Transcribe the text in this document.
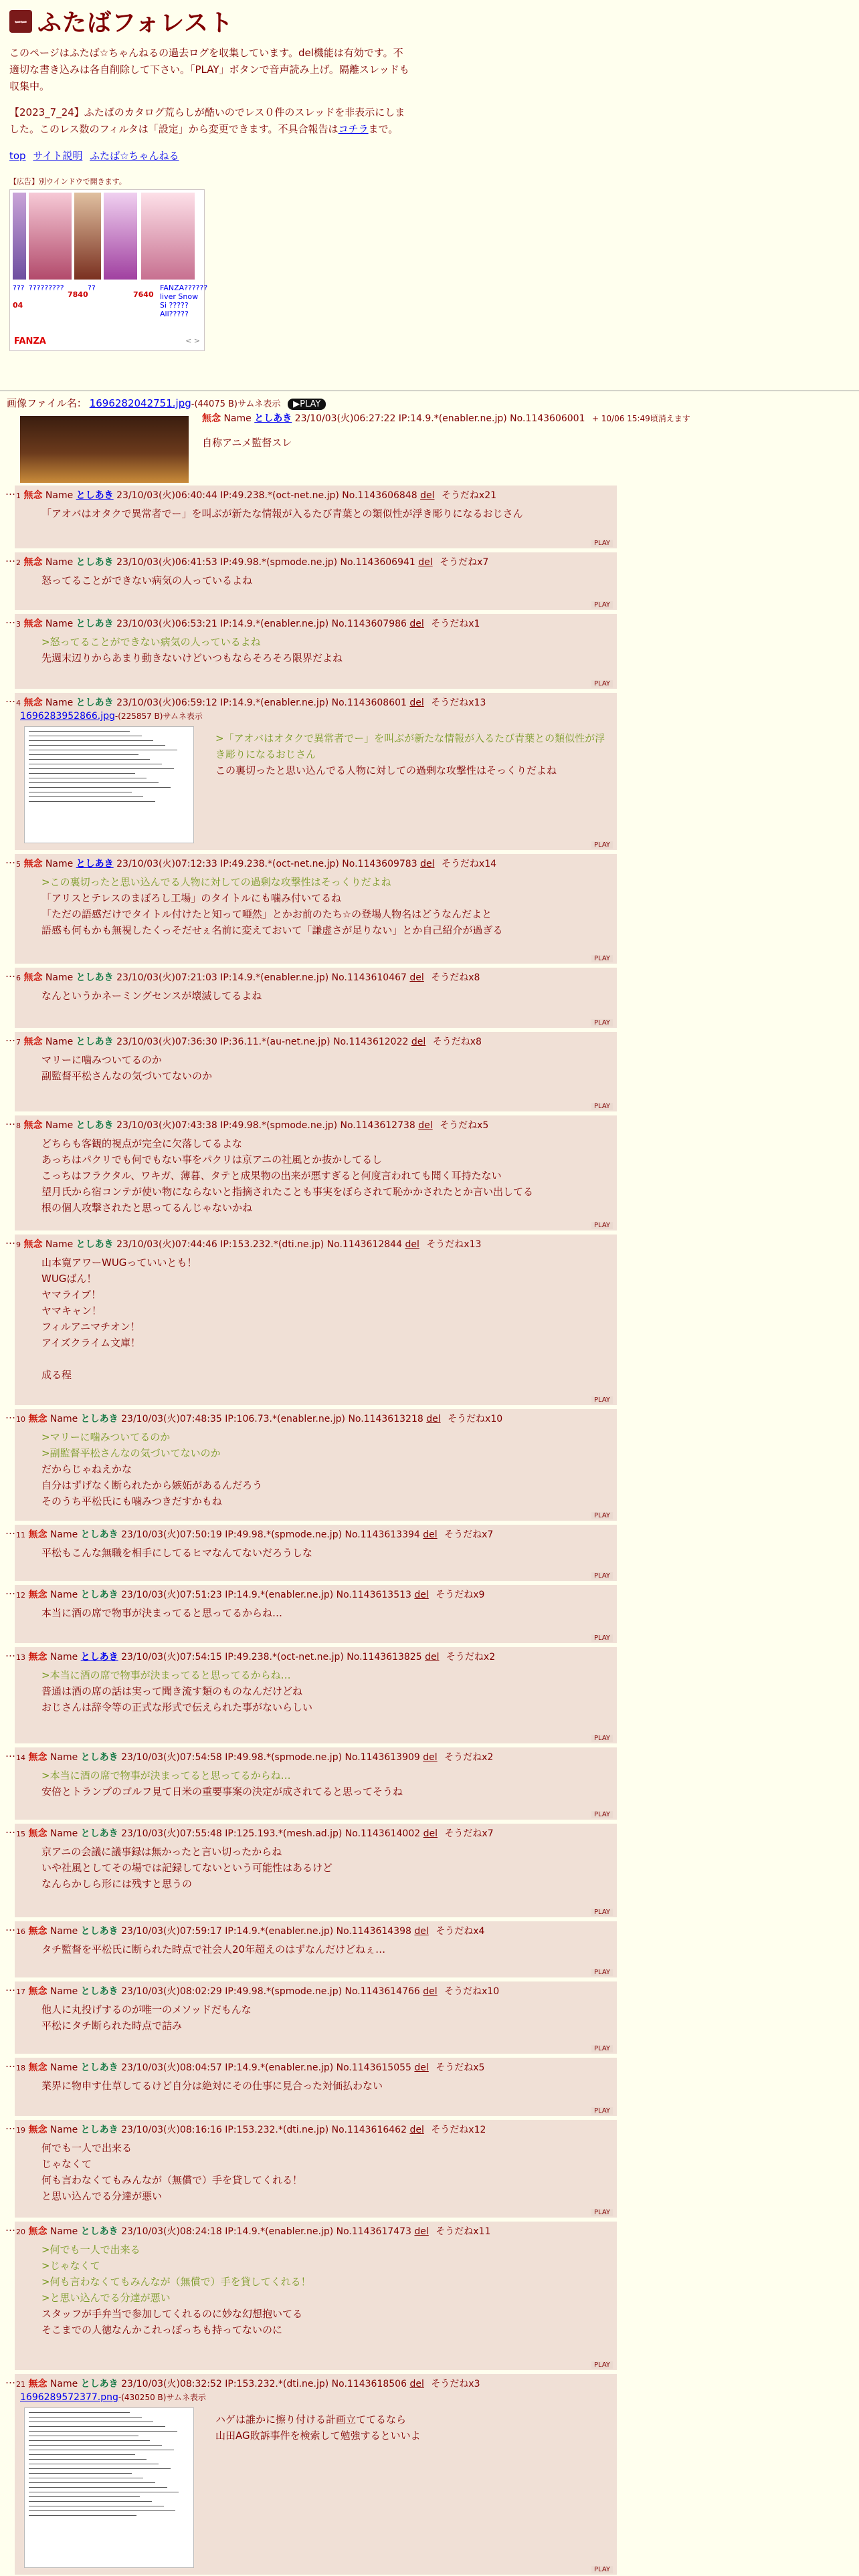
ｰｰ ふたばフォレスト
このページはふたば☆ちゃんねるの過去ログを収集しています。del機能は有効です。不適切な書き込みは各自削除して下さい。「PLAY」ボタンで音声読み上げ。隔離スレッドも収集中。
【2023_7_24】ふたばのカタログ荒らしが酷いのでレス０件のスレッドを非表示にしました。このレス数のフィルタは「設定」から変更できます。不具合報告はコチラまで。
top サイト説明 ふたば☆ちゃんねる
【広告】別ウインドウで開きます。
??? ?????????	??	FANZA?????? liver Snow Si ????? All?????
7840	7640
04
FANZA	< >
画像ファイル名： 1696282042751.jpg-(44075 B)サムネ表示 ▶PLAY
無念 Name としあき 23/10/03(火)06:27:22 IP:14.9.*(enabler.ne.jp) No.1143606001 + 10/06 15:49頃消えます
自称アニメ監督スレ
… 1 無念 Name としあき 23/10/03(火)06:40:44 IP:49.238.*(oct-net.ne.jp) No.1143606848 del そうだねx21
「アオバはオタクで異常者でー」を叫ぶが新たな情報が入るたび青葉との類似性が浮き彫りになるおじさん
PLAY
… 2 無念 Name としあき 23/10/03(火)06:41:53 IP:49.98.*(spmode.ne.jp) No.1143606941 del そうだねx7
怒ってることができない病気の人っているよね
PLAY
… 3 無念 Name としあき 23/10/03(火)06:53:21 IP:14.9.*(enabler.ne.jp) No.1143607986 del そうだねx1
>怒ってることができない病気の人っているよね
先週末辺りからあまり動きないけどいつもならそろそろ限界だよね
PLAY
… 4 無念 Name としあき 23/10/03(火)06:59:12 IP:14.9.*(enabler.ne.jp) No.1143608601 del そうだねx13
1696283952866.jpg-(225857 B)サムネ表示
>「アオバはオタクで異常者でー」を叫ぶが新たな情報が入るたび青葉との類似性が浮き彫りになるおじさん
この裏切ったと思い込んでる人物に対しての過剰な攻撃性はそっくりだよね
PLAY
… 5 無念 Name としあき 23/10/03(火)07:12:33 IP:49.238.*(oct-net.ne.jp) No.1143609783 del そうだねx14
>この裏切ったと思い込んでる人物に対しての過剰な攻撃性はそっくりだよね
「アリスとテレスのまぼろし工場」のタイトルにも噛み付いてるね
「ただの語感だけでタイトル付けたと知って唖然」とかお前のたち☆の登場人物名はどうなんだよと
語感も何もかも無視したくっそだせぇ名前に変えておいて「謙虚さが足りない」とか自己紹介が過ぎる
PLAY
… 6 無念 Name としあき 23/10/03(火)07:21:03 IP:14.9.*(enabler.ne.jp) No.1143610467 del そうだねx8
なんというかネーミングセンスが壊滅してるよね
PLAY
… 7 無念 Name としあき 23/10/03(火)07:36:30 IP:36.11.*(au-net.ne.jp) No.1143612022 del そうだねx8
マリーに噛みついてるのか
副監督平松さんなの気づいてないのか
PLAY
… 8 無念 Name としあき 23/10/03(火)07:43:38 IP:49.98.*(spmode.ne.jp) No.1143612738 del そうだねx5
どちらも客観的視点が完全に欠落してるよな
あっちはパクリでも何でもない事をパクリは京アニの社風とか抜かしてるし
こっちはフラクタル、ワキガ、薄暮、タテと成果物の出来が悪すぎると何度言われても聞く耳持たない
望月氏から宿コンテが使い物にならないと指摘されたことも事実をぼらされて恥かかされたとか言い出してる
根の個人攻撃されたと思ってるんじゃないかね
PLAY
… 9 無念 Name としあき 23/10/03(火)07:44:46 IP:153.232.*(dti.ne.jp) No.1143612844 del そうだねx13
山本寛アワーWUGっていいとも！
WUGばん！
ヤマライブ！
ヤマキャン！
フィルアニマチオン！
アイズクライム文庫！
成る程
PLAY
… 10 無念 Name としあき 23/10/03(火)07:48:35 IP:106.73.*(enabler.ne.jp) No.1143613218 del そうだねx10
>マリーに噛みついてるのか
>副監督平松さんなの気づいてないのか
だからじゃねえかな
自分はずげなく断られたから嫉妬があるんだろう
そのうち平松氏にも噛みつきだすかもね
PLAY
… 11 無念 Name としあき 23/10/03(火)07:50:19 IP:49.98.*(spmode.ne.jp) No.1143613394 del そうだねx7
平松もこんな無職を相手にしてるヒマなんてないだろうしな
PLAY
… 12 無念 Name としあき 23/10/03(火)07:51:23 IP:14.9.*(enabler.ne.jp) No.1143613513 del そうだねx9
本当に酒の席で物事が決まってると思ってるからね…
PLAY
… 13 無念 Name としあき 23/10/03(火)07:54:15 IP:49.238.*(oct-net.ne.jp) No.1143613825 del そうだねx2
>本当に酒の席で物事が決まってると思ってるからね…
普通は酒の席の話は実って聞き流す類のものなんだけどね
おじさんは辞令等の正式な形式で伝えられた事がないらしい
PLAY
… 14 無念 Name としあき 23/10/03(火)07:54:58 IP:49.98.*(spmode.ne.jp) No.1143613909 del そうだねx2
>本当に酒の席で物事が決まってると思ってるからね…
安倍とトランプのゴルフ見て日米の重要事案の決定が成されてると思ってそうね
PLAY
… 15 無念 Name としあき 23/10/03(火)07:55:48 IP:125.193.*(mesh.ad.jp) No.1143614002 del そうだねx7
京アニの会議に議事録は無かったと言い切ったからね
いや社風としてその場では記録してないという可能性はあるけど
なんらかしら形には残すと思うの
PLAY
… 16 無念 Name としあき 23/10/03(火)07:59:17 IP:14.9.*(enabler.ne.jp) No.1143614398 del そうだねx4
タチ監督を平松氏に断られた時点で社会人20年超えのはずなんだけどねぇ…
PLAY
… 17 無念 Name としあき 23/10/03(火)08:02:29 IP:49.98.*(spmode.ne.jp) No.1143614766 del そうだねx10
他人に丸投げするのが唯一のメソッドだもんな
平松にタチ断られた時点で詰み
PLAY
… 18 無念 Name としあき 23/10/03(火)08:04:57 IP:14.9.*(enabler.ne.jp) No.1143615055 del そうだねx5
業界に物申す仕草してるけど自分は絶対にその仕事に見合った対価払わない
PLAY
… 19 無念 Name としあき 23/10/03(火)08:16:16 IP:153.232.*(dti.ne.jp) No.1143616462 del そうだねx12
何でも一人で出来る
じゃなくて
何も言わなくてもみんなが（無償で）手を貸してくれる！
と思い込んでる分達が悪い
PLAY
… 20 無念 Name としあき 23/10/03(火)08:24:18 IP:14.9.*(enabler.ne.jp) No.1143617473 del そうだねx11
>何でも一人で出来る
>じゃなくて
>何も言わなくてもみんなが（無償で）手を貸してくれる！
>と思い込んでる分達が悪い
スタッフが手弁当で参加してくれるのに妙な幻想抱いてる
そこまでの人徳なんかこれっぽっちも持ってないのに
PLAY
… 21 無念 Name としあき 23/10/03(火)08:32:52 IP:153.232.*(dti.ne.jp) No.1143618506 del そうだねx3
1696289572377.png-(430250 B)サムネ表示
ハゲは誰かに擦り付ける計画立ててるなら
山田AG敗訴事件を検索して勉強するといいよ
PLAY
